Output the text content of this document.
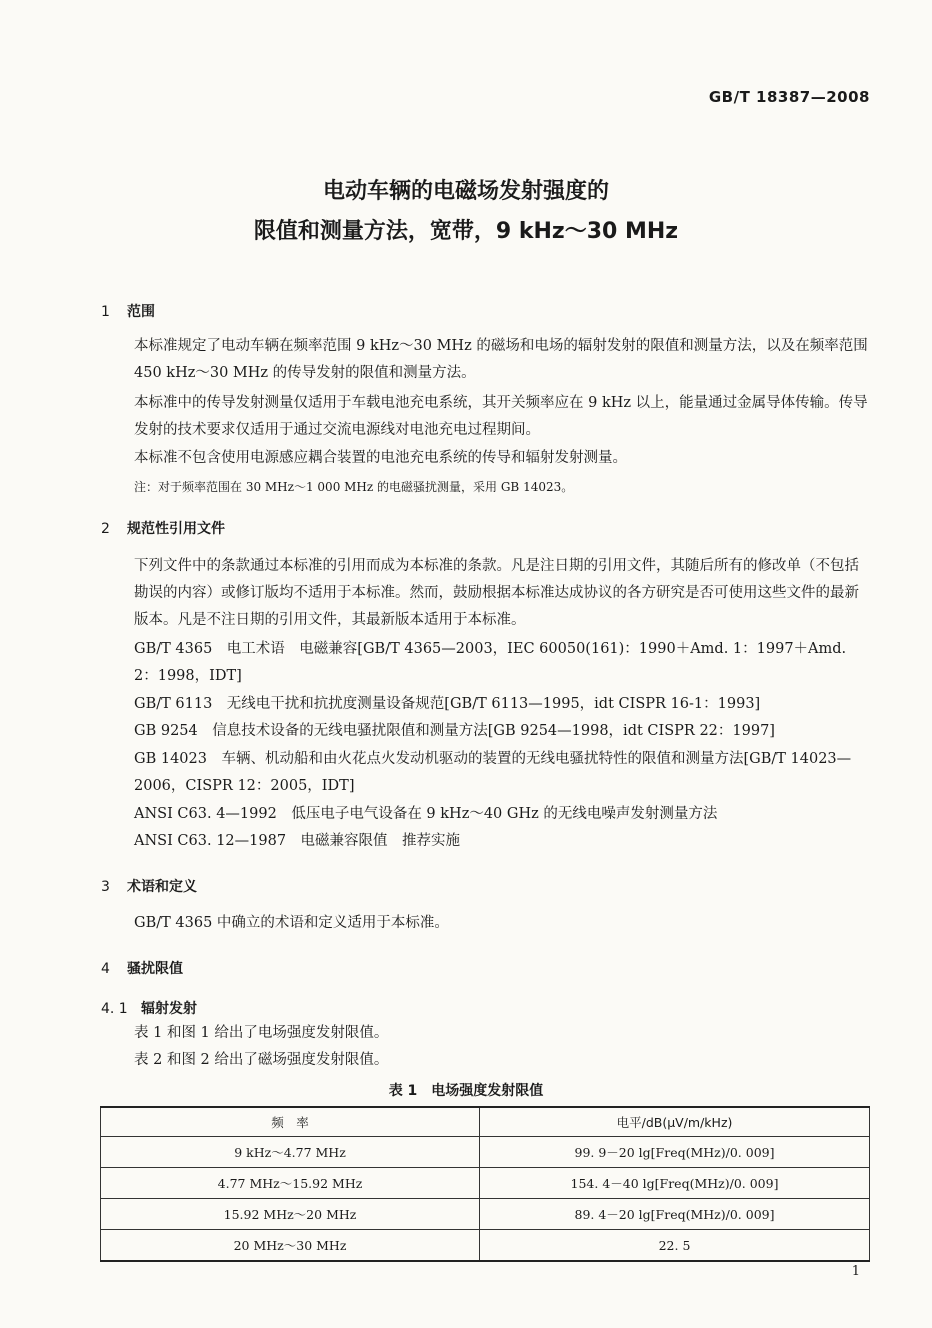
GB/T 18387—2008
电动车辆的电磁场发射强度的
限值和测量方法，宽带，9 kHz～30 MHz
1 范围
本标准规定了电动车辆在频率范围 9 kHz～30 MHz 的磁场和电场的辐射发射的限值和测量方法，以及在频率范围 450 kHz～30 MHz 的传导发射的限值和测量方法。
本标准中的传导发射测量仅适用于车载电池充电系统，其开关频率应在 9 kHz 以上，能量通过金属导体传输。传导发射的技术要求仅适用于通过交流电源线对电池充电过程期间。
本标准不包含使用电源感应耦合装置的电池充电系统的传导和辐射发射测量。
注：对于频率范围在 30 MHz～1 000 MHz 的电磁骚扰测量，采用 GB 14023。
2 规范性引用文件
下列文件中的条款通过本标准的引用而成为本标准的条款。凡是注日期的引用文件，其随后所有的修改单（不包括勘误的内容）或修订版均不适用于本标准。然而，鼓励根据本标准达成协议的各方研究是否可使用这些文件的最新版本。凡是不注日期的引用文件，其最新版本适用于本标准。
GB/T 4365　电工术语　电磁兼容[GB/T 4365—2003，IEC 60050(161)：1990＋Amd. 1：1997＋Amd. 2：1998，IDT]
GB/T 6113　无线电干扰和抗扰度测量设备规范[GB/T 6113—1995，idt CISPR 16-1：1993]
GB 9254　信息技术设备的无线电骚扰限值和测量方法[GB 9254—1998，idt CISPR 22：1997]
GB 14023　车辆、机动船和由火花点火发动机驱动的装置的无线电骚扰特性的限值和测量方法[GB/T 14023—2006，CISPR 12：2005，IDT]
ANSI C63. 4—1992　低压电子电气设备在 9 kHz～40 GHz 的无线电噪声发射测量方法
ANSI C63. 12—1987　电磁兼容限值　推荐实施
3 术语和定义
GB/T 4365 中确立的术语和定义适用于本标准。
4 骚扰限值
4. 1 辐射发射
表 1 和图 1 给出了电场强度发射限值。
表 2 和图 2 给出了磁场强度发射限值。
表 1　电场强度发射限值
频　率	电平/dB(μV/m/kHz)
9 kHz～4.77 MHz	99. 9－20 lg[Freq(MHz)/0. 009]
4.77 MHz～15.92 MHz	154. 4－40 lg[Freq(MHz)/0. 009]
15.92 MHz～20 MHz	89. 4－20 lg[Freq(MHz)/0. 009]
20 MHz～30 MHz	22. 5
1
